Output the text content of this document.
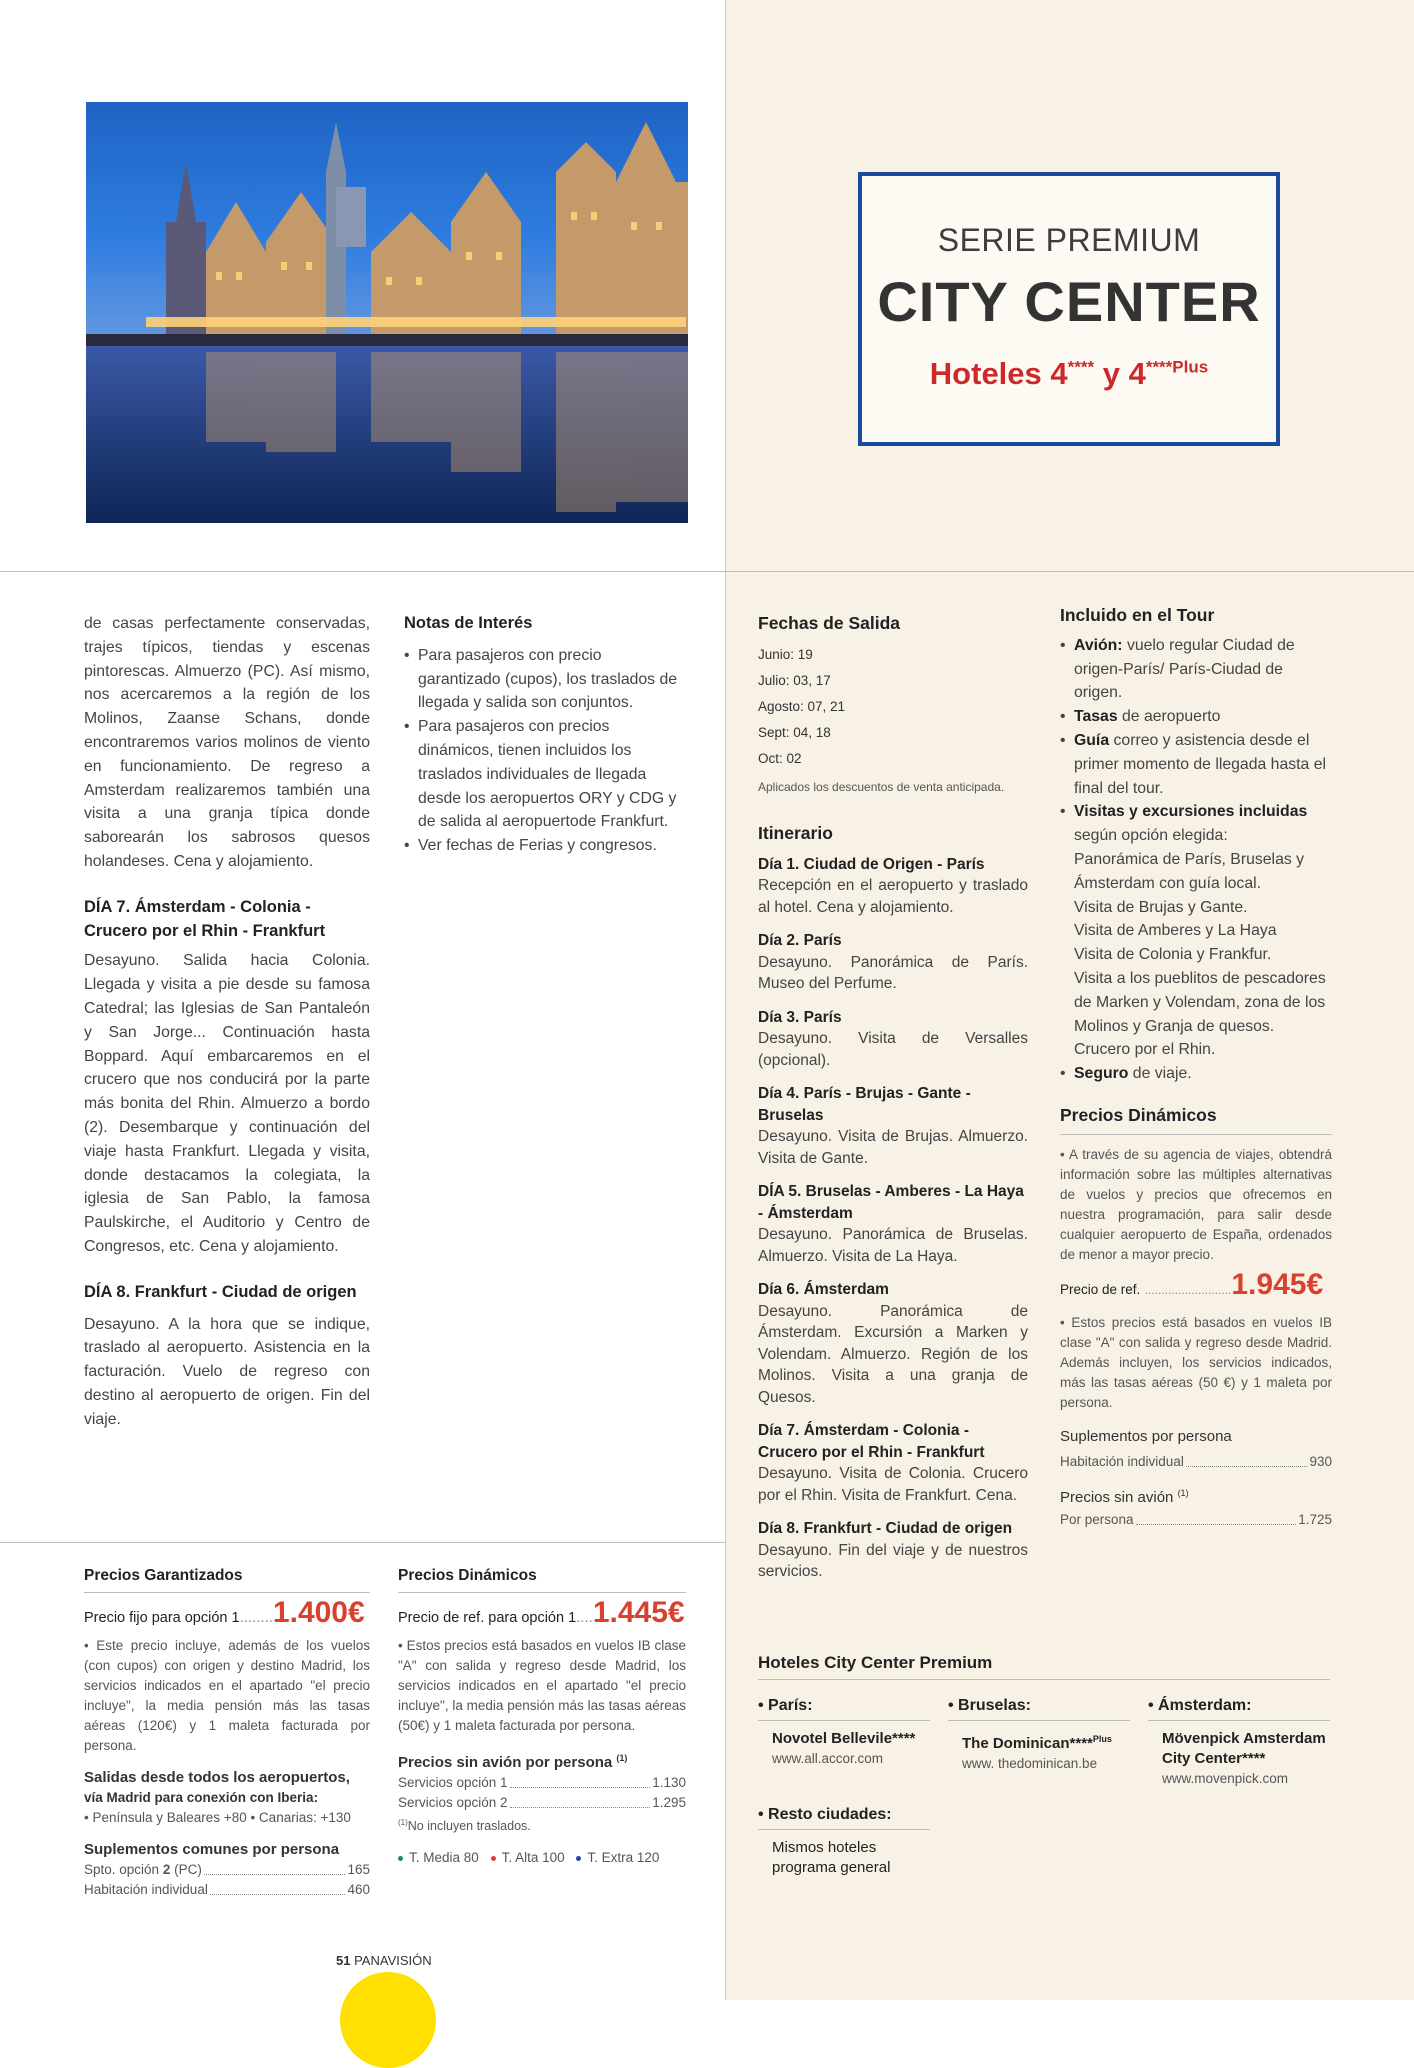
SERIE PREMIUM
CITY CENTER
Hoteles 4**** y $4^{****Plus}$

de casas perfectamente conservadas, trajes típicos, tiendas y escenas pintorescas. Almuerzo (PC). Así mismo, nos acercaremos a la región de los Molinos, Zaanse Schans, donde encontraremos varios molinos de viento en funcionamiento. De regreso a Amsterdam realizaremos también una visita a una granja típica donde saborearán los sabrosos quesos holandeses. Cena y alojamiento.

DÍA 7. Ámsterdam - Colonia - Crucero por el Rhin - Frankfurt

Desayuno. Salida hacia Colonia. Llegada y visita a pie desde su famosa Catedral; las Iglesias de San Pantaleón y San Jorge... Continuación hasta Boppard. Aquí embarcaremos en el crucero que nos conducirá por la parte más bonita del Rhin. Almuerzo a bordo (2). Desembarque y continuación del viaje hasta Frankfurt. Llegada y visita, donde destacamos la colegiata, la iglesia de San Pablo, la famosa Paulskirche, el Auditorio y Centro de Congresos, etc. Cena y alojamiento.

DÍA 8. Frankfurt - Ciudad de origen

Desayuno. A la hora que se indique, traslado al aeropuerto. Asistencia en la facturación. Vuelo de regreso con destino al aeropuerto de origen. Fin del viaje.

Notas de Interés

• Para pasajeros con precio garantizado (cupos), los traslados de llegada y salida son conjuntos.
• Para pasajeros con precios dinámicos, tienen incluidos los traslados individuales de llegada desde los aeropuertos ORY y CDG y de salida al aeropuertode Frankfurt.
• Ver fechas de Ferias y congresos.
Precios Garantizados
Precio fijo para opción 1........1.400€

• Este precio incluye, además de los vuelos (con cupos) con origen y destino Madrid, los servicios indicados en el apartado "el precio incluye", la media pensión más las tasas aéreas (120€) y 1 maleta facturada por persona.

Salidas desde todos los aeropuertos,

vía Madrid para conexión con Iberia:

• Península y Baleares +80 • Canarias: +130

Suplementos comunes por persona

Spto. opción 2 (PC)	165
Habitación individual	460
Precios Dinámicos
Precio de ref. para opción 1....1.445€

• Estos precios está basados en vuelos IB clase "A" con salida y regreso desde Madrid, los servicios indicados en el apartado "el precio incluye", la media pensión más las tasas aéreas (50€) y 1 maleta facturada por persona.

Precios sin avión por persona $^{(1)}$

Servicios opción 1	1.130
Servicios opción 2	1.295

$^{(1)}$No incluyen traslados.

T. Media 80 T. Alta 100 T. Extra 120

Fechas de Salida

Junio: 19
Julio: 03, 17
Agosto: 07, 21
Sept: 04, 18
Oct: 02

Aplicados los descuentos de venta anticipada.

Itinerario

Día 1. Ciudad de Origen - París
Recepción en el aeropuerto y traslado al hotel. Cena y alojamiento.
Día 2. París
Desayuno. Panorámica de París. Museo del Perfume.
Día 3. París
Desayuno. Visita de Versalles (opcional).
Día 4. París - Brujas - Gante - Bruselas
Desayuno. Visita de Brujas. Almuerzo. Visita de Gante.
DÍA 5. Bruselas - Amberes - La Haya - Ámsterdam
Desayuno. Panorámica de Bruselas. Almuerzo. Visita de La Haya.
Día 6. Ámsterdam
Desayuno. Panorámica de Ámsterdam. Excursión a Marken y Volendam. Almuerzo. Región de los Molinos. Visita a una granja de Quesos.
Día 7. Ámsterdam - Colonia - Crucero por el Rhin - Frankfurt
Desayuno. Visita de Colonia. Crucero por el Rhin. Visita de Frankfurt. Cena.
Día 8. Frankfurt - Ciudad de origen
Desayuno. Fin del viaje y de nuestros servicios.

Incluido en el Tour

• Avión: vuelo regular Ciudad de origen-París/ París-Ciudad de origen.
• Tasas de aeropuerto
• Guía correo y asistencia desde el primer momento de llegada hasta el final del tour.
• Visitas y excursiones incluidas según opción elegida:
Panorámica de París, Bruselas y Ámsterdam con guía local.
Visita de Brujas y Gante.
Visita de Amberes y La Haya
Visita de Colonia y Frankfur.
Visita a los pueblitos de pescadores de Marken y Volendam, zona de los Molinos y Granja de quesos.
Crucero por el Rhin.
• Seguro de viaje.
Precios Dinámicos

• A través de su agencia de viajes, obtendrá información sobre las múltiples alternativas de vuelos y precios que ofrecemos en nuestra programación, para salir desde cualquier aeropuerto de España, ordenados de menor a mayor precio.

Precio de ref. ..........................1.945€

• Estos precios está basados en vuelos IB clase "A" con salida y regreso desde Madrid. Además incluyen, los servicios indicados, más las tasas aéreas (50 €) y 1 maleta por persona.

Suplementos por persona

Habitación individual	930

Precios sin avión $^{(1)}$

Por persona	1.725
Hoteles City Center Premium
• París:
Novotel Bellevile****
www.all.accor.com
• Bruselas:
The Dominican****$^{Plus}$
www. thedominican.be
• Ámsterdam:
Mövenpick Amsterdam
City Center****
www.movenpick.com
• Resto ciudades:
Mismos hoteles programa general
51 PANAVISIÓN
